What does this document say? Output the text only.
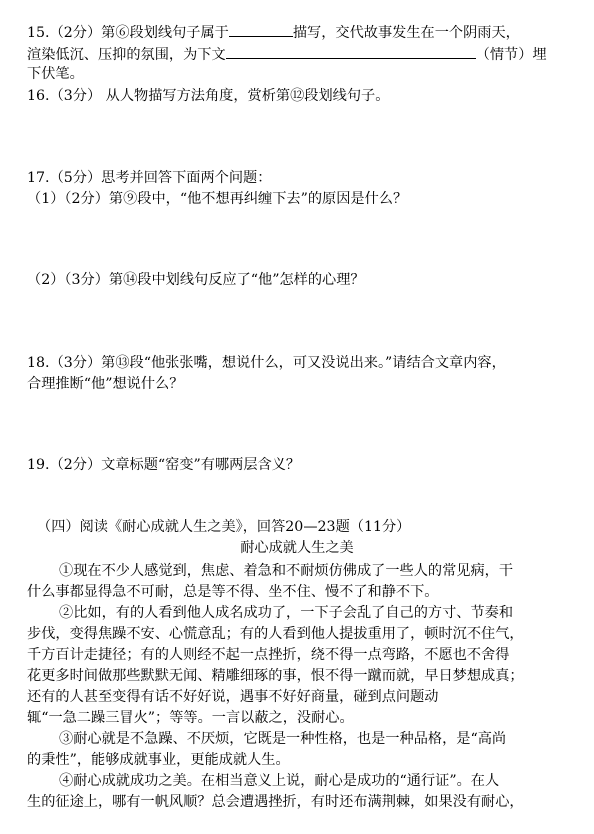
15.（2分）第⑥段划线句子属于	描写，交代故事发生在一个阴雨天，
渲染低沉、压抑的氛围，为下文	（情节）埋
下伏笔。
16.（3分） 从人物描写方法角度，赏析第⑫段划线句子。
17.（5分）思考并回答下面两个问题：
（1）（2分）第⑨段中，“他不想再纠缠下去”的原因是什么？
（2）（3分）第⑭段中划线句反应了“他”怎样的心理？
18.（3分）第⑬段“他张张嘴，想说什么，可又没说出来。”请结合文章内容，
合理推断“他”想说什么？
19.（2分）文章标题“窑变”有哪两层含义？
（四）阅读《耐心成就人生之美》，回答20—23题（11分）
耐心成就人生之美
①现在不少人感觉到，焦虑、着急和不耐烦仿佛成了一些人的常见病，干
什么事都显得急不可耐，总是等不得、坐不住、慢不了和静不下。
②比如，有的人看到他人成名成功了，一下子会乱了自己的方寸、节奏和
步伐，变得焦躁不安、心慌意乱；有的人看到他人提拔重用了，顿时沉不住气，
千方百计走捷径；有的人则经不起一点挫折，绕不得一点弯路，不愿也不舍得
花更多时间做那些默默无闻、精雕细琢的事，恨不得一蹴而就，早日梦想成真；
还有的人甚至变得有话不好好说，遇事不好好商量，碰到点问题动
辄“一急二躁三冒火”；等等。一言以蔽之，没耐心。
③耐心就是不急躁、不厌烦，它既是一种性格，也是一种品格，是“高尚
的秉性”，能够成就事业，更能成就人生。
④耐心成就成功之美。在相当意义上说，耐心是成功的“通行证”。在人
生的征途上，哪有一帆风顺？总会遭遇挫折，有时还布满荆棘，如果没有耐心，
